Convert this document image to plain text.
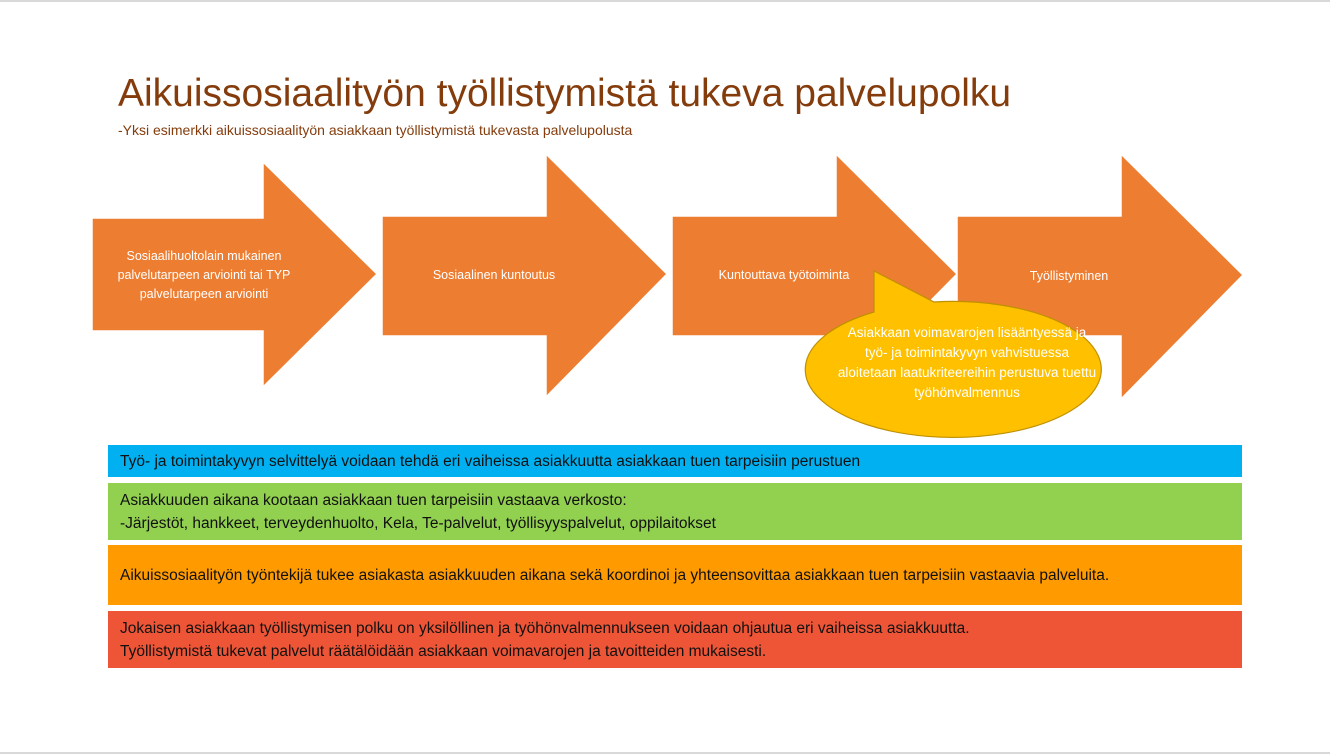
Aikuissosiaalityön työllistymistä tukeva palvelupolku
-Yksi esimerkki aikuissosiaalityön asiakkaan työllistymistä tukevasta palvelupolusta
Sosiaalihuoltolain mukainen palvelutarpeen arviointi tai TYP palvelutarpeen arviointi
Sosiaalinen kuntoutus	Kuntouttava työtoiminta	Työllistyminen
Asiakkaan voimavarojen lisääntyessä ja työ- ja toimintakyvyn vahvistuessa aloitetaan laatukriteereihin perustuva tuettu työhönvalmennus
Työ- ja toimintakyvyn selvittelyä voidaan tehdä eri vaiheissa asiakkuutta asiakkaan tuen tarpeisiin perustuen
Asiakkuuden aikana kootaan asiakkaan tuen tarpeisiin vastaava verkosto:
-Järjestöt, hankkeet, terveydenhuolto, Kela, Te-palvelut, työllisyyspalvelut, oppilaitokset
Aikuissosiaalityön työntekijä tukee asiakasta asiakkuuden aikana sekä koordinoi ja yhteensovittaa asiakkaan tuen tarpeisiin vastaavia palveluita.
Jokaisen asiakkaan työllistymisen polku on yksilöllinen ja työhönvalmennukseen voidaan ohjautua eri vaiheissa asiakkuutta.
Työllistymistä tukevat palvelut räätälöidään asiakkaan voimavarojen ja tavoitteiden mukaisesti.
